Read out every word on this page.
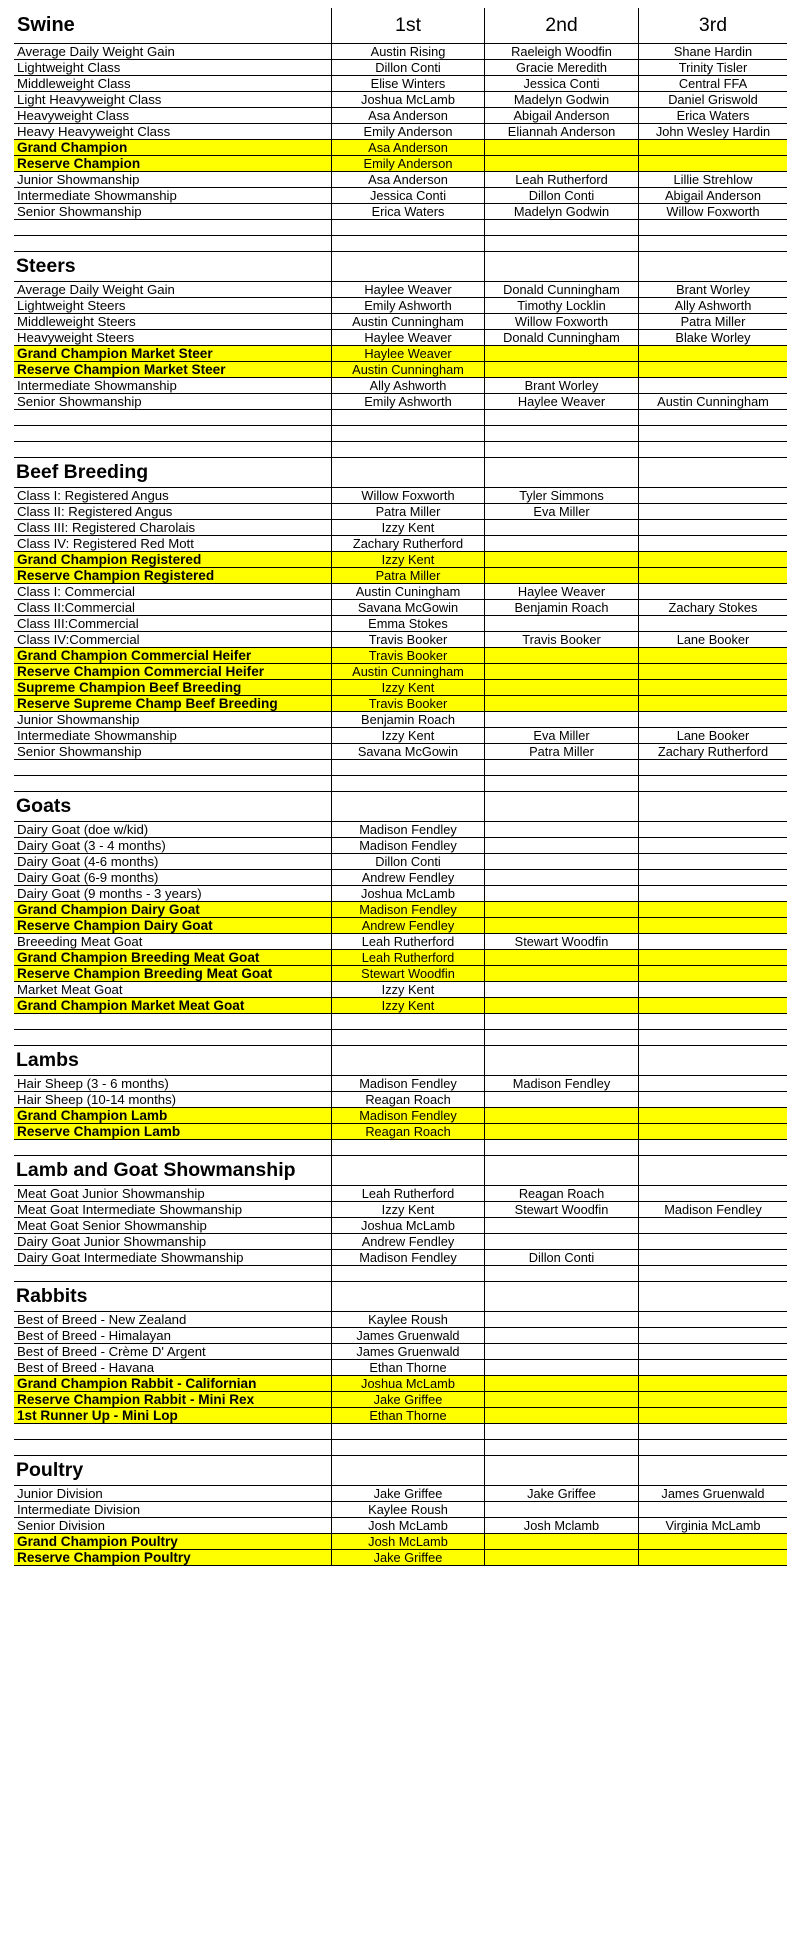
Swine	1st	2nd	3rd
Average Daily Weight Gain	Austin Rising	Raeleigh Woodfin	Shane Hardin
Lightweight Class	Dillon Conti	Gracie Meredith	Trinity Tisler
Middleweight Class	Elise Winters	Jessica Conti	Central FFA
Light Heavyweight Class	Joshua McLamb	Madelyn Godwin	Daniel Griswold
Heavyweight Class	Asa Anderson	Abigail Anderson	Erica Waters
Heavy Heavyweight Class	Emily Anderson	Eliannah Anderson	John Wesley Hardin
Grand Champion	Asa Anderson
Reserve Champion	Emily Anderson
Junior Showmanship	Asa Anderson	Leah Rutherford	Lillie Strehlow
Intermediate Showmanship	Jessica Conti	Dillon Conti	Abigail Anderson
Senior Showmanship	Erica Waters	Madelyn Godwin	Willow Foxworth
Steers
Average Daily Weight Gain	Haylee Weaver	Donald Cunningham	Brant Worley
Lightweight Steers	Emily Ashworth	Timothy Locklin	Ally Ashworth
Middleweight Steers	Austin Cunningham	Willow Foxworth	Patra Miller
Heavyweight Steers	Haylee Weaver	Donald Cunningham	Blake Worley
Grand Champion Market Steer	Haylee Weaver
Reserve Champion Market Steer	Austin Cunningham
Intermediate Showmanship	Ally Ashworth	Brant Worley
Senior Showmanship	Emily Ashworth	Haylee Weaver	Austin Cunningham
Beef Breeding
Class I: Registered Angus	Willow Foxworth	Tyler Simmons
Class II: Registered Angus	Patra Miller	Eva Miller
Class III: Registered Charolais	Izzy Kent
Class IV: Registered Red Mott	Zachary Rutherford
Grand Champion Registered	Izzy Kent
Reserve Champion Registered	Patra Miller
Class I: Commercial	Austin Cuningham	Haylee Weaver
Class II:Commercial	Savana McGowin	Benjamin Roach	Zachary Stokes
Class III:Commercial	Emma Stokes
Class IV:Commercial	Travis Booker	Travis Booker	Lane Booker
Grand Champion Commercial Heifer	Travis Booker
Reserve Champion Commercial Heifer	Austin Cunningham
Supreme Champion Beef Breeding	Izzy Kent
Reserve Supreme Champ Beef Breeding	Travis Booker
Junior Showmanship	Benjamin Roach
Intermediate Showmanship	Izzy Kent	Eva Miller	Lane Booker
Senior Showmanship	Savana McGowin	Patra Miller	Zachary Rutherford
Goats
Dairy Goat (doe w/kid)	Madison Fendley
Dairy Goat (3 - 4 months)	Madison Fendley
Dairy Goat (4-6 months)	Dillon Conti
Dairy Goat (6-9 months)	Andrew Fendley
Dairy Goat (9 months - 3 years)	Joshua McLamb
Grand Champion Dairy Goat	Madison Fendley
Reserve Champion Dairy Goat	Andrew Fendley
Breeeding Meat Goat	Leah Rutherford	Stewart Woodfin
Grand Champion Breeding Meat Goat	Leah Rutherford
Reserve Champion Breeding Meat Goat	Stewart Woodfin
Market Meat Goat	Izzy Kent
Grand Champion Market Meat Goat	Izzy Kent
Lambs
Hair Sheep (3 - 6 months)	Madison Fendley	Madison Fendley
Hair Sheep (10-14 months)	Reagan Roach
Grand Champion Lamb	Madison Fendley
Reserve Champion Lamb	Reagan Roach
Lamb and Goat Showmanship
Meat Goat Junior Showmanship	Leah Rutherford	Reagan Roach
Meat Goat Intermediate Showmanship	Izzy Kent	Stewart Woodfin	Madison Fendley
Meat Goat Senior Showmanship	Joshua McLamb
Dairy Goat Junior Showmanship	Andrew Fendley
Dairy Goat Intermediate Showmanship	Madison Fendley	Dillon Conti
Rabbits
Best of Breed - New Zealand	Kaylee Roush
Best of Breed - Himalayan	James Gruenwald
Best of Breed - Crème D' Argent	James Gruenwald
Best of Breed - Havana	Ethan Thorne
Grand Champion Rabbit - Californian	Joshua McLamb
Reserve Champion Rabbit - Mini Rex	Jake Griffee
1st Runner Up - Mini Lop	Ethan Thorne
Poultry
Junior Division	Jake Griffee	Jake Griffee	James Gruenwald
Intermediate Division	Kaylee Roush
Senior Division	Josh McLamb	Josh Mclamb	Virginia McLamb
Grand Champion Poultry	Josh McLamb
Reserve Champion Poultry	Jake Griffee
